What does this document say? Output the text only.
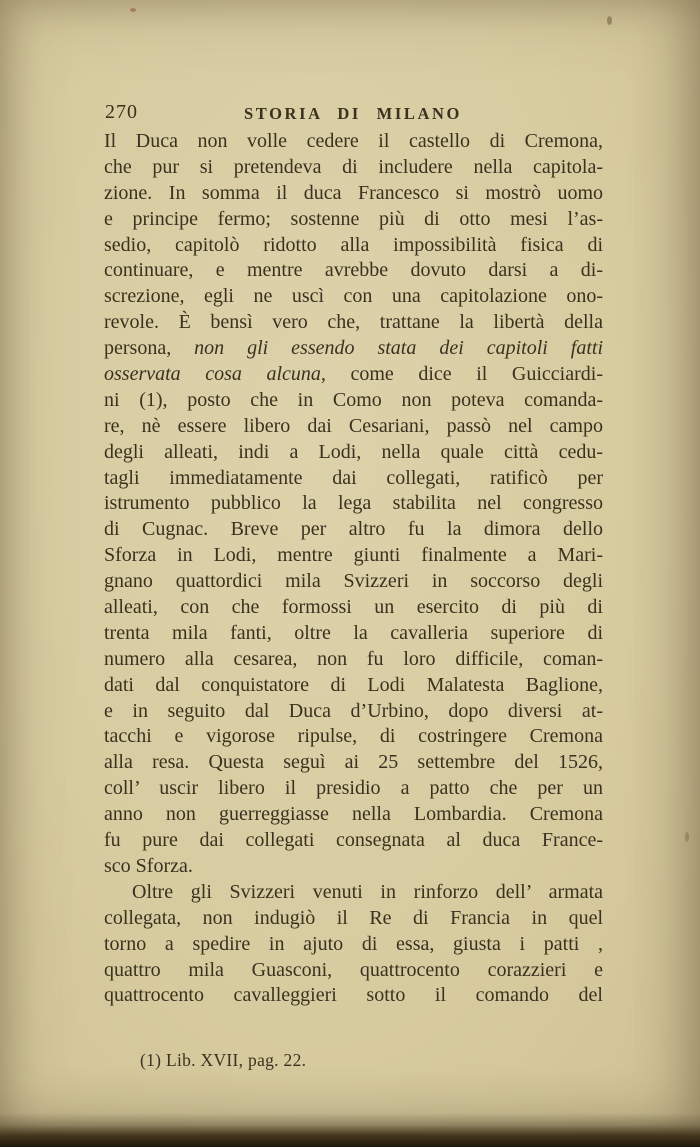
270	STORIA DI MILANO
Il Duca non volle cedere il castello di Cremona,
che pur si pretendeva di includere nella capitola-
zione. In somma il duca Francesco si mostrò uomo
e principe fermo; sostenne più di otto mesi l’as-
sedio, capitolò ridotto alla impossibilità fisica di
continuare, e mentre avrebbe dovuto darsi a di-
screzione, egli ne uscì con una capitolazione ono-
revole. È bensì vero che, trattane la libertà della
persona, non gli essendo stata dei capitoli fatti
osservata cosa alcuna, come dice il Guicciardi-
ni (1), posto che in Como non poteva comanda-
re, nè essere libero dai Cesariani, passò nel campo
degli alleati, indi a Lodi, nella quale città cedu-
tagli immediatamente dai collegati, ratificò per
istrumento pubblico la lega stabilita nel congresso
di Cugnac. Breve per altro fu la dimora dello
Sforza in Lodi, mentre giunti finalmente a Mari-
gnano quattordici mila Svizzeri in soccorso degli
alleati, con che formossi un esercito di più di
trenta mila fanti, oltre la cavalleria superiore di
numero alla cesarea, non fu loro difficile, coman-
dati dal conquistatore di Lodi Malatesta Baglione,
e in seguito dal Duca d’Urbino, dopo diversi at-
tacchi e vigorose ripulse, di costringere Cremona
alla resa. Questa seguì ai 25 settembre del 1526,
coll’ uscir libero il presidio a patto che per un
anno non guerreggiasse nella Lombardia. Cremona
fu pure dai collegati consegnata al duca France-
sco Sforza.
Oltre gli Svizzeri venuti in rinforzo dell’ armata
collegata, non indugiò il Re di Francia in quel
torno a spedire in ajuto di essa, giusta i patti ,
quattro mila Guasconi, quattrocento corazzieri e
quattrocento cavalleggieri sotto il comando del
(1) Lib. XVII, pag. 22.
